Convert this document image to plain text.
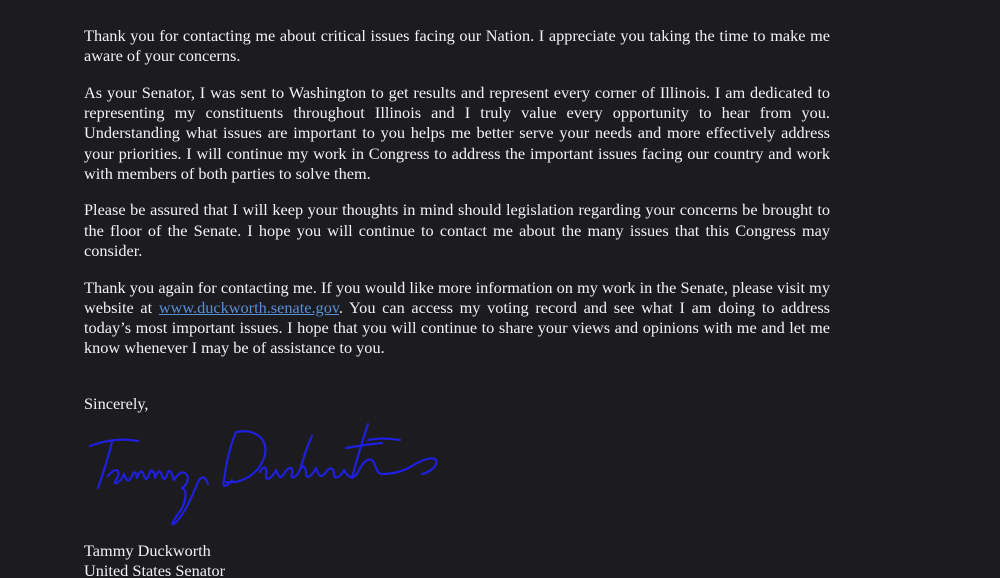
Thank you for contacting me about critical issues facing our Nation. I appreciate you taking the time to make me aware of your concerns.

As your Senator, I was sent to Washington to get results and represent every corner of Illinois. I am dedicated to representing my constituents throughout Illinois and I truly value every opportunity to hear from you. Understanding what issues are important to you helps me better serve your needs and more effectively address your priorities. I will continue my work in Congress to address the important issues facing our country and work with members of both parties to solve them.

Please be assured that I will keep your thoughts in mind should legislation regarding your concerns be brought to the floor of the Senate. I hope you will continue to contact me about the many issues that this Congress may consider.

Thank you again for contacting me. If you would like more information on my work in the Senate, please visit my website at www.duckworth.senate.gov. You can access my voting record and see what I am doing to address today’s most important issues. I hope that you will continue to share your views and opinions with me and let me know whenever I may be of assistance to you.

Sincerely,

Tammy Duckworth

United States Senator
